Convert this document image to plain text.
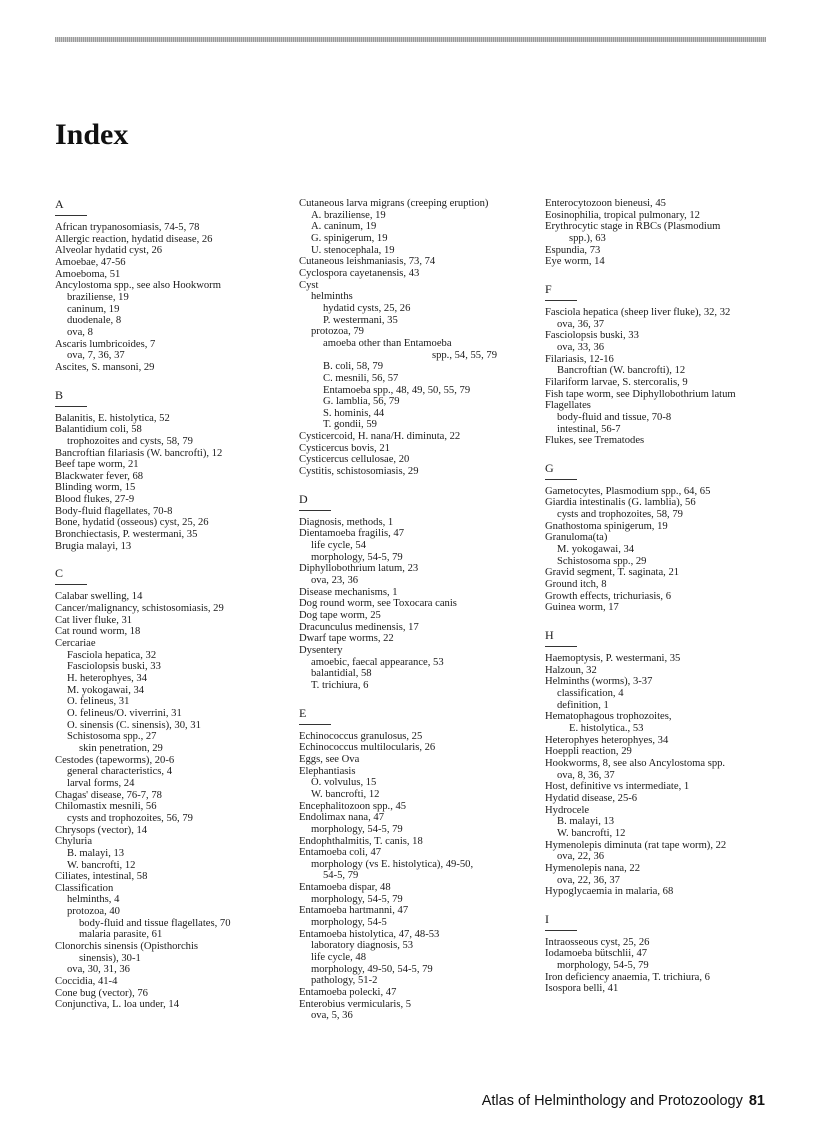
Index
A
African trypanosomiasis, 74-5, 78
Allergic reaction, hydatid disease, 26
Alveolar hydatid cyst, 26
Amoebae, 47-56
Amoeboma, 51
Ancylostoma spp., see also Hookworm
braziliense, 19
caninum, 19
duodenale, 8
ova, 8
Ascaris lumbricoides, 7
ova, 7, 36, 37
Ascites, S. mansoni, 29
B
Balanitis, E. histolytica, 52
Balantidium coli, 58
trophozoites and cysts, 58, 79
Bancroftian filariasis (W. bancrofti), 12
Beef tape worm, 21
Blackwater fever, 68
Blinding worm, 15
Blood flukes, 27-9
Body-fluid flagellates, 70-8
Bone, hydatid (osseous) cyst, 25, 26
Bronchiectasis, P. westermani, 35
Brugia malayi, 13
C
Calabar swelling, 14
Cancer/malignancy, schistosomiasis, 29
Cat liver fluke, 31
Cat round worm, 18
Cercariae
Fasciola hepatica, 32
Fasciolopsis buski, 33
H. heterophyes, 34
M. yokogawai, 34
O. felineus, 31
O. felineus/O. viverrini, 31
O. sinensis (C. sinensis), 30, 31
Schistosoma spp., 27
skin penetration, 29
Cestodes (tapeworms), 20-6
general characteristics, 4
larval forms, 24
Chagas' disease, 76-7, 78
Chilomastix mesnili, 56
cysts and trophozoites, 56, 79
Chrysops (vector), 14
Chyluria
B. malayi, 13
W. bancrofti, 12
Ciliates, intestinal, 58
Classification
helminths, 4
protozoa, 40
body-fluid and tissue flagellates, 70
malaria parasite, 61
Clonorchis sinensis (Opisthorchis
sinensis), 30-1
ova, 30, 31, 36
Coccidia, 41-4
Cone bug (vector), 76
Conjunctiva, L. loa under, 14
Cutaneous larva migrans (creeping eruption)
A. braziliense, 19
A. caninum, 19
G. spinigerum, 19
U. stenocephala, 19
Cutaneous leishmaniasis, 73, 74
Cyclospora cayetanensis, 43
Cyst
helminths
hydatid cysts, 25, 26
P. westermani, 35
protozoa, 79
amoeba other than Entamoeba
spp., 54, 55, 79
B. coli, 58, 79
C. mesnili, 56, 57
Entamoeba spp., 48, 49, 50, 55, 79
G. lamblia, 56, 79
S. hominis, 44
T. gondii, 59
Cysticercoid, H. nana/H. diminuta, 22
Cysticercus bovis, 21
Cysticercus cellulosae, 20
Cystitis, schistosomiasis, 29
D
Diagnosis, methods, 1
Dientamoeba fragilis, 47
life cycle, 54
morphology, 54-5, 79
Diphyllobothrium latum, 23
ova, 23, 36
Disease mechanisms, 1
Dog round worm, see Toxocara canis
Dog tape worm, 25
Dracunculus medinensis, 17
Dwarf tape worms, 22
Dysentery
amoebic, faecal appearance, 53
balantidial, 58
T. trichiura, 6
E
Echinococcus granulosus, 25
Echinococcus multilocularis, 26
Eggs, see Ova
Elephantiasis
O. volvulus, 15
W. bancrofti, 12
Encephalitozoon spp., 45
Endolimax nana, 47
morphology, 54-5, 79
Endophthalmitis, T. canis, 18
Entamoeba coli, 47
morphology (vs E. histolytica), 49-50,
54-5, 79
Entamoeba dispar, 48
morphology, 54-5, 79
Entamoeba hartmanni, 47
morphology, 54-5
Entamoeba histolytica, 47, 48-53
laboratory diagnosis, 53
life cycle, 48
morphology, 49-50, 54-5, 79
pathology, 51-2
Entamoeba polecki, 47
Enterobius vermicularis, 5
ova, 5, 36
Enterocytozoon bieneusi, 45
Eosinophilia, tropical pulmonary, 12
Erythrocytic stage in RBCs (Plasmodium
spp.), 63
Espundia, 73
Eye worm, 14
F
Fasciola hepatica (sheep liver fluke), 32, 32
ova, 36, 37
Fasciolopsis buski, 33
ova, 33, 36
Filariasis, 12-16
Bancroftian (W. bancrofti), 12
Filariform larvae, S. stercoralis, 9
Fish tape worm, see Diphyllobothrium latum
Flagellates
body-fluid and tissue, 70-8
intestinal, 56-7
Flukes, see Trematodes
G
Gametocytes, Plasmodium spp., 64, 65
Giardia intestinalis (G. lamblia), 56
cysts and trophozoites, 58, 79
Gnathostoma spinigerum, 19
Granuloma(ta)
M. yokogawai, 34
Schistosoma spp., 29
Gravid segment, T. saginata, 21
Ground itch, 8
Growth effects, trichuriasis, 6
Guinea worm, 17
H
Haemoptysis, P. westermani, 35
Halzoun, 32
Helminths (worms), 3-37
classification, 4
definition, 1
Hematophagous trophozoites,
E. histolytica., 53
Heterophyes heterophyes, 34
Hoeppli reaction, 29
Hookworms, 8, see also Ancylostoma spp.
ova, 8, 36, 37
Host, definitive vs intermediate, 1
Hydatid disease, 25-6
Hydrocele
B. malayi, 13
W. bancrofti, 12
Hymenolepis diminuta (rat tape worm), 22
ova, 22, 36
Hymenolepis nana, 22
ova, 22, 36, 37
Hypoglycaemia in malaria, 68
I
Intraosseous cyst, 25, 26
Iodamoeba bütschlii, 47
morphology, 54-5, 79
Iron deficiency anaemia, T. trichiura, 6
Isospora belli, 41
Atlas of Helminthology and Protozoology 81
